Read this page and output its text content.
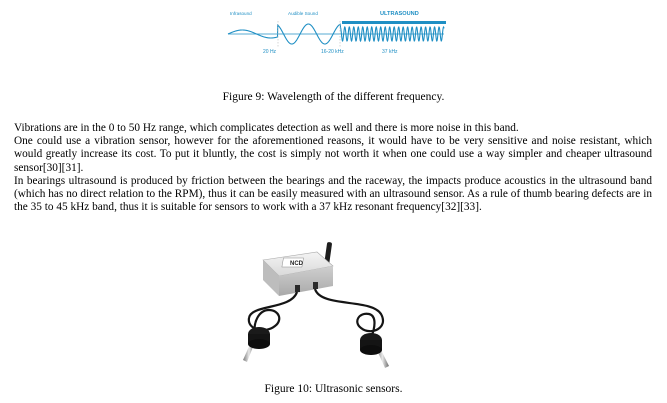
Infrasound	Audible Sound	ULTRASOUND
20 Hz	16-20 kHz	37 kHz
Figure 9: Wavelength of the different frequency.

Vibrations are in the 0 to 50 Hz range, which complicates detection as well and there is more noise in this band.

One could use a vibration sensor, however for the aforementioned reasons, it would have to be very sensitive and noise resistant, which would greatly increase its cost. To put it bluntly, the cost is simply not worth it when one could use a way simpler and cheaper ultrasound sensor[30][31].

In bearings ultrasound is produced by friction between the bearings and the raceway, the impacts produce acoustics in the ultrasound band (which has no direct relation to the RPM), thus it can be easily measured with an ultrasound sensor. As a rule of thumb bearing defects are in the 35 to 45 kHz band, thus it is suitable for sensors to work with a 37 kHz resonant frequency[32][33].

NCD
Figure 10: Ultrasonic sensors.
